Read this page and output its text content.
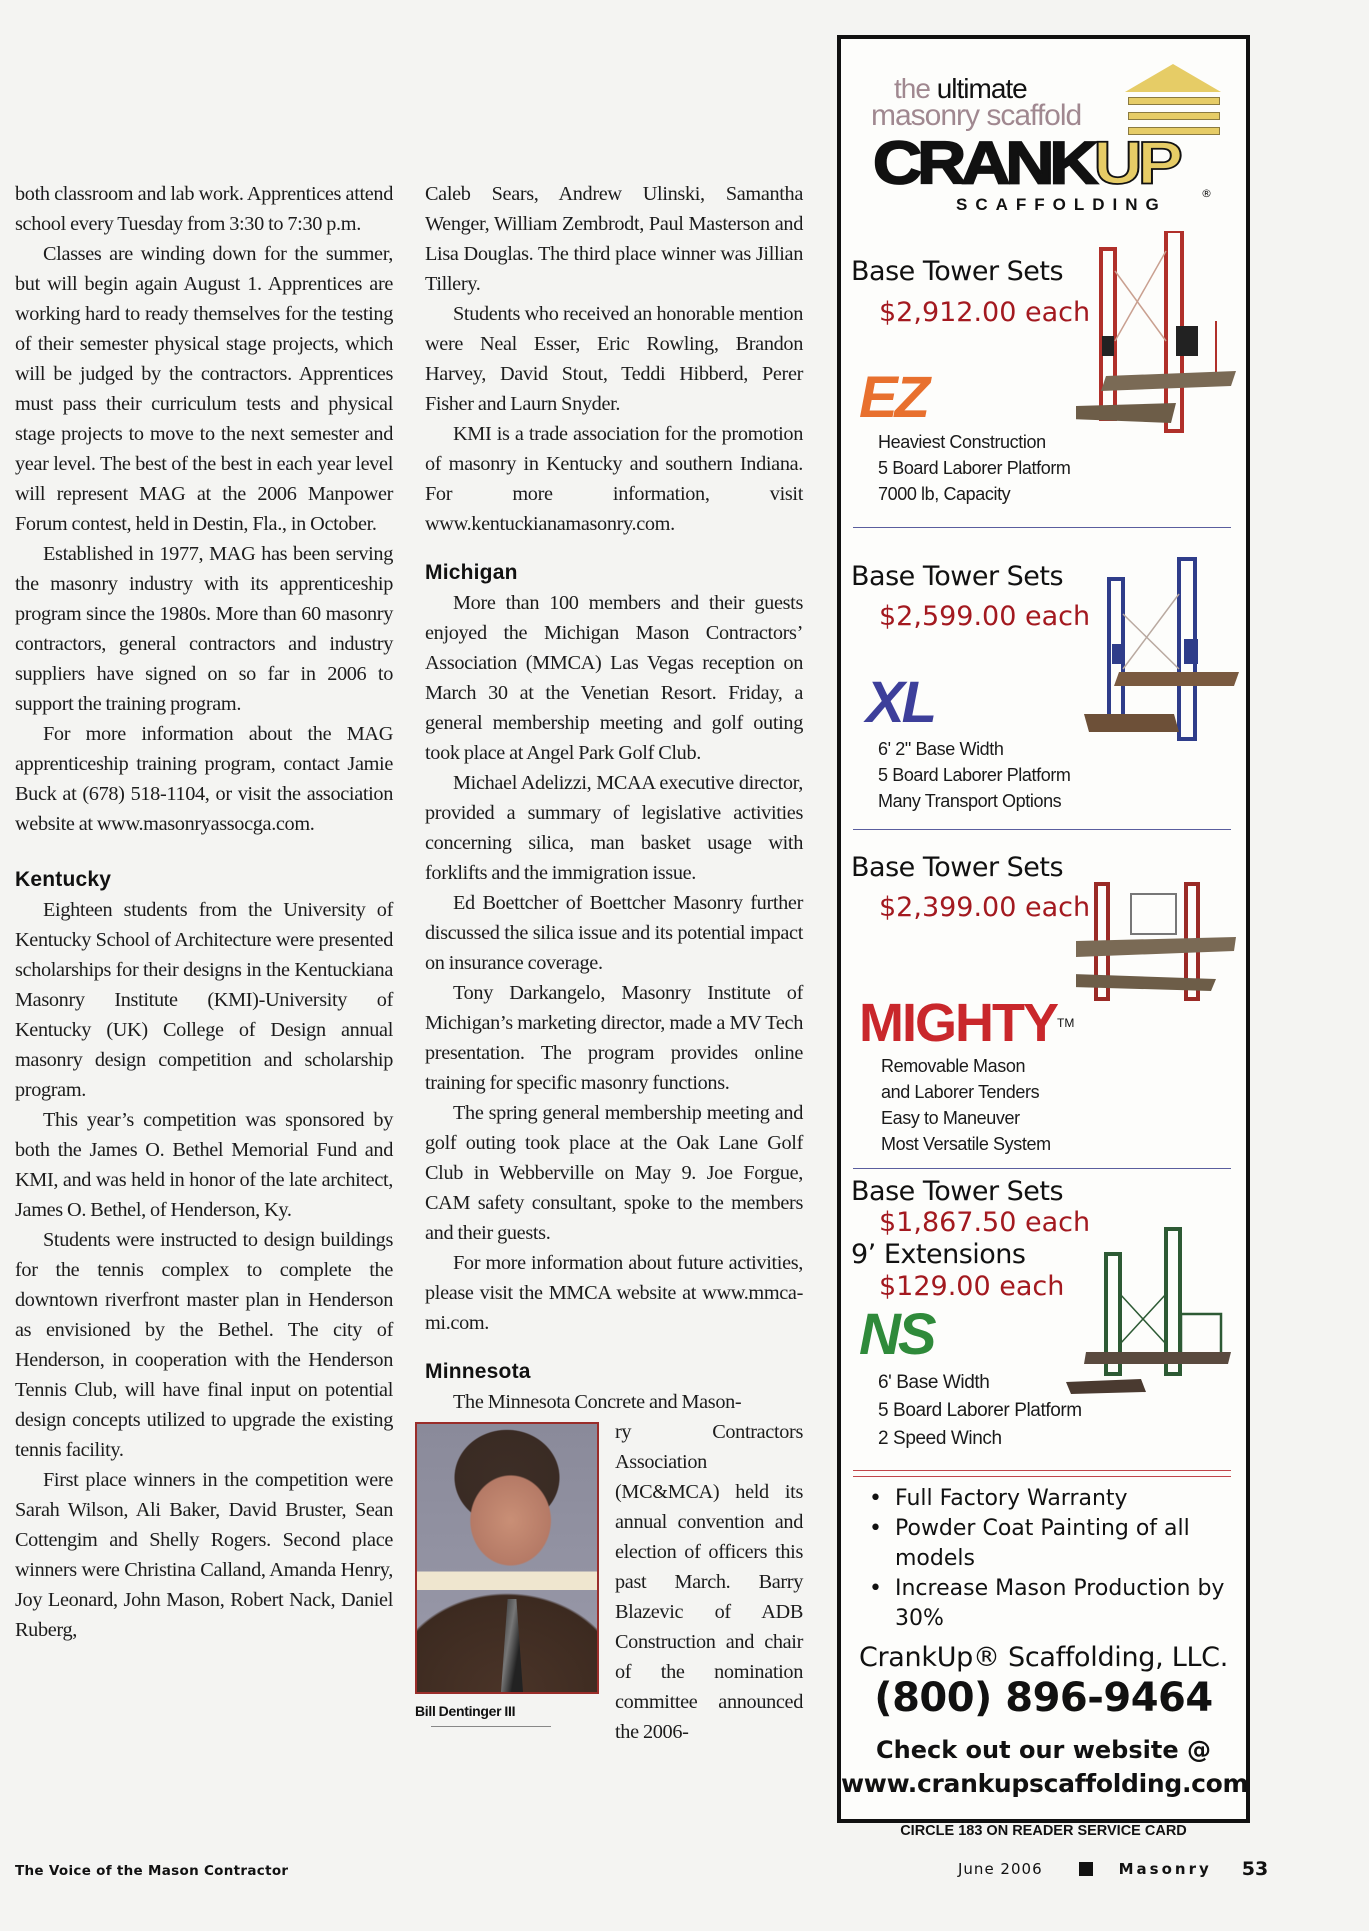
both classroom and lab work. Apprentices attend school every Tuesday from 3:30 to 7:30 p.m.

Classes are winding down for the summer, but will begin again August 1. Apprentices are working hard to ready themselves for the testing of their semester physical stage projects, which will be judged by the contractors. Apprentices must pass their curriculum tests and physical stage projects to move to the next semester and year level. The best of the best in each year level will represent MAG at the 2006 Manpower Forum contest, held in Destin, Fla., in October.

Established in 1977, MAG has been serving the masonry industry with its apprenticeship program since the 1980s. More than 60 masonry contractors, general contractors and industry suppliers have signed on so far in 2006 to support the training program.

For more information about the MAG apprenticeship training program, contact Jamie Buck at (678) 518-1104, or visit the association website at www.masonryassocga.com.

Kentucky

Eighteen students from the University of Kentucky School of Architecture were presented scholarships for their designs in the Kentuckiana Masonry Institute (KMI)-University of Kentucky (UK) College of Design annual masonry design competition and scholarship program.

This year’s competition was sponsored by both the James O. Bethel Memorial Fund and KMI, and was held in honor of the late architect, James O. Bethel, of Henderson, Ky.

Students were instructed to design buildings for the tennis complex to complete the downtown riverfront master plan in Henderson as envisioned by the Bethel. The city of Henderson, in cooperation with the Henderson Tennis Club, will have final input on potential design concepts utilized to upgrade the existing tennis facility.

First place winners in the competition were Sarah Wilson, Ali Baker, David Bruster, Sean Cottengim and Shelly Rogers. Second place winners were Christina Calland, Amanda Henry, Joy Leonard, John Mason, Robert Nack, Daniel Ruberg,

Caleb Sears, Andrew Ulinski, Samantha Wenger, William Zembrodt, Paul Masterson and Lisa Douglas. The third place winner was Jillian Tillery.

Students who received an honorable mention were Neal Esser, Eric Rowling, Brandon Harvey, David Stout, Teddi Hibberd, Perer Fisher and Laurn Snyder.

KMI is a trade association for the promotion of masonry in Kentucky and southern Indiana. For more information, visit www.kentuckianamasonry.com.

Michigan

More than 100 members and their guests enjoyed the Michigan Mason Contractors’ Association (MMCA) Las Vegas reception on March 30 at the Venetian Resort. Friday, a general membership meeting and golf outing took place at Angel Park Golf Club.

Michael Adelizzi, MCAA executive director, provided a summary of legislative activities concerning silica, man basket usage with forklifts and the immigration issue.

Ed Boettcher of Boettcher Masonry further discussed the silica issue and its potential impact on insurance coverage.

Tony Darkangelo, Masonry Institute of Michigan’s marketing director, made a MV Tech presentation. The program provides online training for specific masonry functions.

The spring general membership meeting and golf outing took place at the Oak Lane Golf Club in Webberville on May 9. Joe Forgue, CAM safety consultant, spoke to the members and their guests.

For more information about future activities, please visit the MMCA website at www.mmca-mi.com.

Minnesota

The Minnesota Concrete and Mason-

Bill Dentinger III

ry Contractors Association (MC&MCA) held its annual convention and election of officers this past March. Barry Blazevic of ADB Construction and chair of the nomination committee announced the 2006-

the ultimate
masonry scaffold
CRANKUP ®
SCAFFOLDING
Base Tower Sets
$2,912.00 each
EZ
Heaviest Construction
5 Board Laborer Platform
7000 lb, Capacity
Base Tower Sets
$2,599.00 each
XL
6' 2" Base Width
5 Board Laborer Platform
Many Transport Options
Base Tower Sets
$2,399.00 each
MIGHTY™
Removable Mason
and Laborer Tenders
Easy to Maneuver
Most Versatile System
Base Tower Sets
$1,867.50 each
9’ Extensions
$129.00 each
NS
6' Base Width
5 Board Laborer Platform
2 Speed Winch
• Full Factory Warranty
• Powder Coat Painting of all models
• Increase Mason Production by 30%
CrankUp® Scaffolding, LLC.
(800) 896-9464
Check out our website @
www.crankupscaffolding.com
CIRCLE 183 ON READER SERVICE CARD
The Voice of the Mason Contractor	June 2006	Masonry 53
